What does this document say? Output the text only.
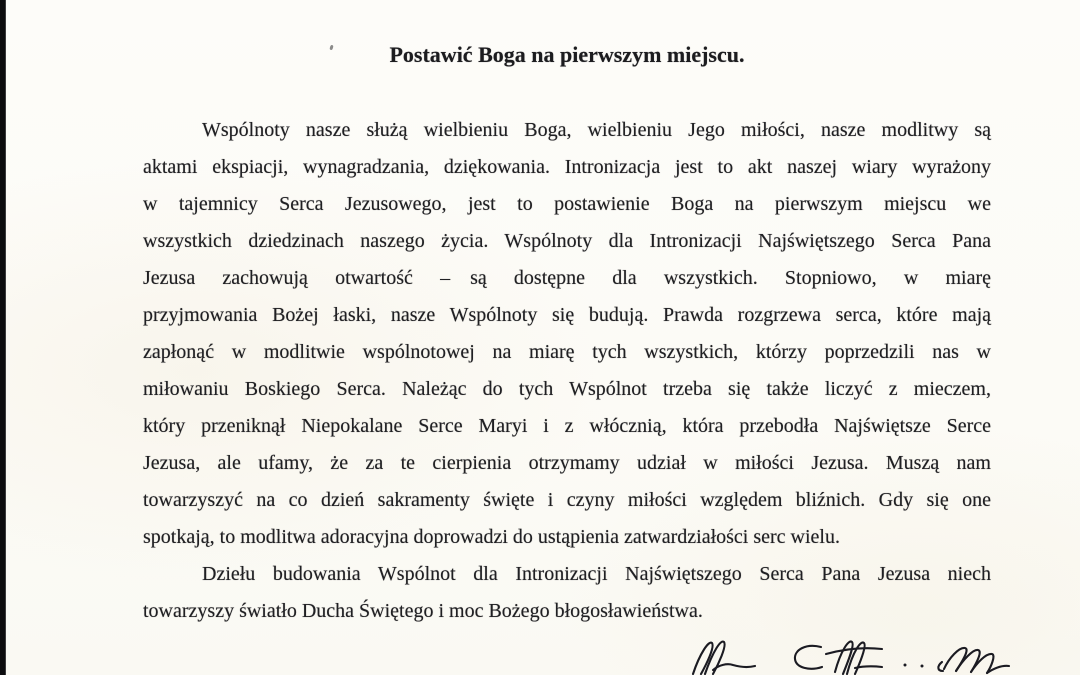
Postawić Boga na pierwszym miejscu.
Wspólnoty nasze służą wielbieniu Boga, wielbieniu Jego miłości, nasze modlitwy są
aktami ekspiacji, wynagradzania, dziękowania. Intronizacja jest to akt naszej wiary wyrażony
w tajemnicy Serca Jezusowego, jest to postawienie Boga na pierwszym miejscu we
wszystkich dziedzinach naszego życia. Wspólnoty dla Intronizacji Najświętszego Serca Pana
Jezusa zachowują otwartość –  są dostępne dla wszystkich. Stopniowo, w miarę
przyjmowania Bożej łaski, nasze Wspólnoty się budują. Prawda rozgrzewa serca, które mają
zapłonąć w modlitwie wspólnotowej na miarę tych wszystkich, którzy poprzedzili nas w
miłowaniu Boskiego Serca. Należąc do tych Wspólnot trzeba się także liczyć z mieczem,
który przeniknął Niepokalane Serce Maryi i z włócznią, która przebodła Najświętsze Serce
Jezusa, ale ufamy, że za te cierpienia otrzymamy udział w miłości Jezusa. Muszą nam
towarzyszyć na co dzień sakramenty święte i czyny miłości względem bliźnich. Gdy się one
spotkają, to modlitwa adoracyjna doprowadzi do ustąpienia zatwardziałości serc wielu.
Dziełu budowania Wspólnot dla Intronizacji Najświętszego Serca Pana Jezusa niech
towarzyszy światło Ducha Świętego i moc Bożego błogosławieństwa.
